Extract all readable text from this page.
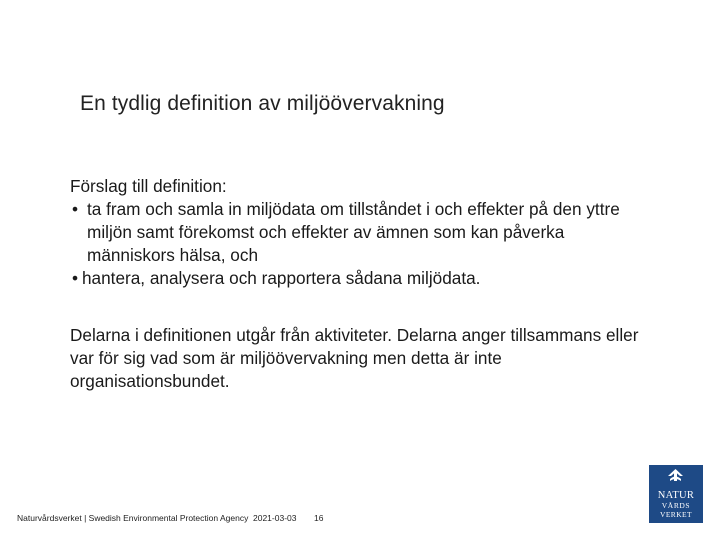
En tydlig definition av miljöövervakning

Förslag till definition:

• ta fram och samla in miljödata om tillståndet i och effekter på den yttre miljön samt förekomst och effekter av ämnen som kan påverka människors hälsa, och
• hantera, analysera och rapportera sådana miljödata.

Delarna i definitionen utgår från aktiviteter. Delarna anger tillsammans eller var för sig vad som är miljöövervakning men detta är inte organisationsbundet.

Naturvårdsverket | Swedish Environmental Protection Agency 2021-03-03 16
NATUR
VÅRDS
VERKET
